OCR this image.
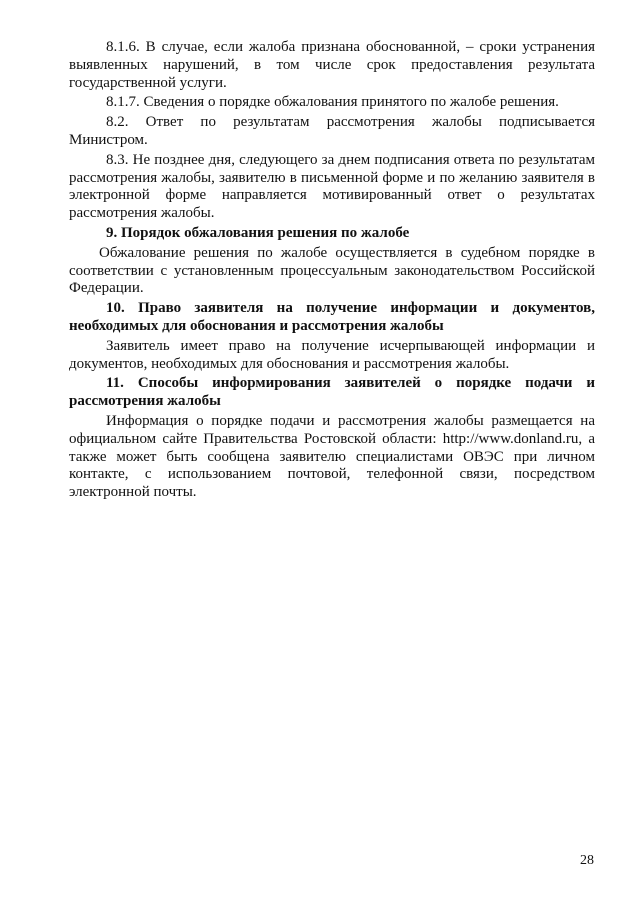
8.1.6. В случае, если жалоба признана обоснованной, – сроки устранения выявленных нарушений, в том числе срок предоставления результата государственной услуги.

8.1.7. Сведения о порядке обжалования принятого по жалобе решения.

8.2. Ответ по результатам рассмотрения жалобы подписывается Министром.

8.3. Не позднее дня, следующего за днем подписания ответа по результатам рассмотрения жалобы, заявителю в письменной форме и по желанию заявителя в электронной форме направляется мотивированный ответ о результатах рассмотрения жалобы.

9. Порядок обжалования решения по жалобе

Обжалование решения по жалобе осуществляется в судебном порядке в соответствии с установленным процессуальным законодательством Российской Федерации.

10. Право заявителя на получение информации и документов, необходимых для обоснования и рассмотрения жалобы

Заявитель имеет право на получение исчерпывающей информации и документов, необходимых для обоснования и рассмотрения жалобы.

11. Способы информирования заявителей о порядке подачи и рассмотрения жалобы

Информация о порядке подачи и рассмотрения жалобы размещается на официальном сайте Правительства Ростовской области: http://www.donland.ru, а также может быть сообщена заявителю специалистами ОВЭС при личном контакте, с использованием почтовой, телефонной связи, посредством электронной почты.

28
